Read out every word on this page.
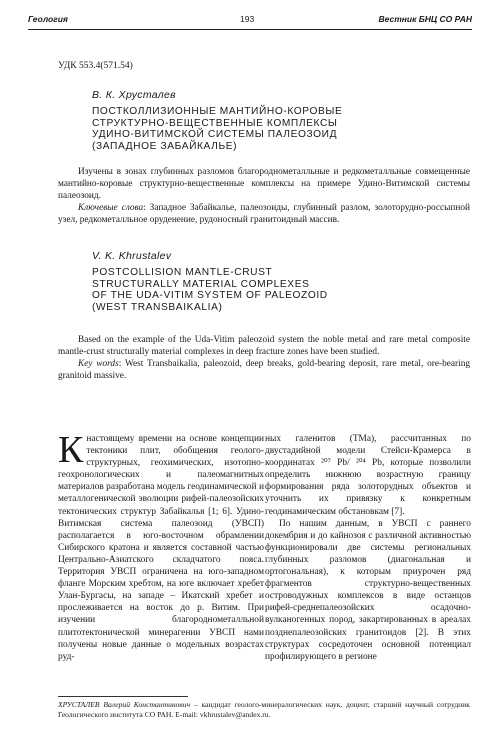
Геология	193	Вестник БНЦ СО РАН
УДК 553.4(571.54)
В. К. Хрусталев
ПОСТКОЛЛИЗИОННЫЕ МАНТИЙНО-КОРОВЫЕ
СТРУКТУРНО-ВЕЩЕСТВЕННЫЕ КОМПЛЕКСЫ
УДИНО-ВИТИМСКОЙ СИСТЕМЫ ПАЛЕОЗОИД
(ЗАПАДНОЕ ЗАБАЙКАЛЬЕ)

Изучены в зонах глубинных разломов благороднометалльные и редкометалльные совмещенные мантийно-коровые структурно-вещественные комплексы на примере Удино-Витимской системы палеозоид.

Ключевые слова: Западное Забайкалье, палеозоиды, глубинный разлом, золоторудно-россыпной узел, редкометалльное оруденение, рудоносный гранитоидный массив.

V. K. Khrustalev
POSTCOLLISION MANTLE-CRUST
STRUCTURALLY MATERIAL COMPLEXES
OF THE UDA-VITIM SYSTEM OF PALEOZOID
(WEST TRANSBAIKALIA)

Based on the example of the Uda-Vitim paleozoid system the noble metal and rare metal composite mantle-crust structurally material complexes in deep fracture zones have been studied.

Key words: West Transbaikalia, paleozoid, deep breaks, gold-bearing deposit, rare metal, ore-bearing granitoid massive.

Кнастоящему времени на основе концепции тектоники плит, обобщения геолого-структурных, геохимических, изотопно-геохронологических и палеомагнитных материалов разработана модель геодинамической и металлогенической эволюции рифей-палеозойских тектонических структур Забайкалья [1; 6]. Удино-Витимская система палеозоид (УВСП) располагается в юго-восточном обрамлении Сибирского кратона и является составной частью Центрально-Азиатского складчатого пояса. Территория УВСП ограничена на юго-западном фланге Морским хребтом, на юге включает хребет Улан-Бургасы, на западе – Икатский хребет и прослеживается на восток до р. Витим. При изучении благороднометалльной плитотектонической минерагении УВСП нами получены новые данные о модельных возрастах руд-

ных галенитов (TMa), рассчитанных по двустадийной модели Стейси-Крамерса в координатах ²⁰⁷ Pb/ ²⁰⁴ Pb, которые позволили определить нижнюю возрастную границу формирования ряда золоторудных объектов и уточнить их привязку к конкретным геодинамическим обстановкам [7].

По нашим данным, в УВСП с раннего докембрия и до кайнозоя с различной активностью функционировали две системы региональных глубинных разломов (диагональная и ортогональная), к которым приурочен ряд фрагментов структурно-вещественных островодужных комплексов в виде останцов рифей-среднепалеозойских осадочно-вулканогенных пород, закартированных в ареалах позднепалеозойских гранитоидов [2]. В этих структурах сосредоточен основной потенциал профилирующего в регионе

ХРУСТАЛЕВ Валерий Константинович – кандидат геолого-минералогических наук, доцент, старший научный сотрудник Геологического института СО РАН. E-mail: vkhrustalev@andex.ru.
